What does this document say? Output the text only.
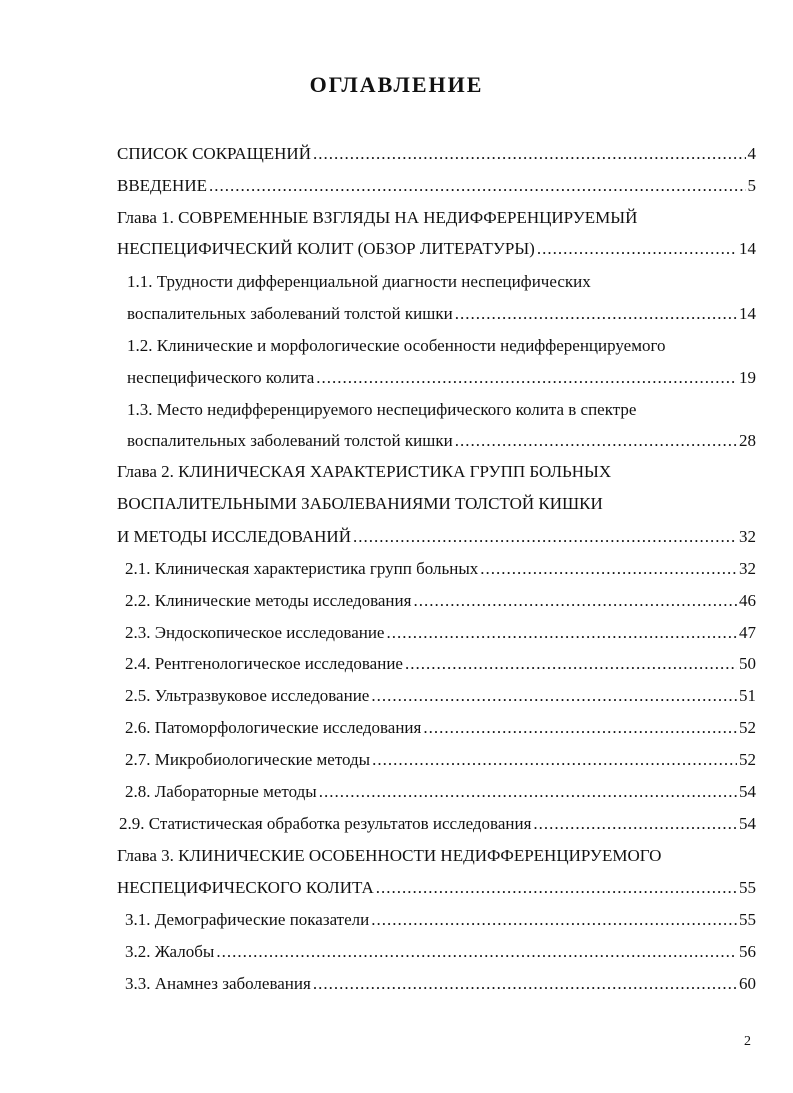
ОГЛАВЛЕНИЕ
СПИСОК СОКРАЩЕНИЙ .....	4
ВВЕДЕНИЕ .....	5
Глава 1. СОВРЕМЕННЫЕ ВЗГЛЯДЫ НА НЕДИФФЕРЕНЦИРУЕМЫЙ
НЕСПЕЦИФИЧЕСКИЙ КОЛИТ (ОБЗОР ЛИТЕРАТУРЫ) .....	14
1.1. Трудности дифференциальной диагности неспецифических
воспалительных заболеваний толстой кишки .....	14
1.2. Клинические и морфологические особенности недифференцируемого
неспецифического колита .....	19
1.3. Место недифференцируемого неспецифического колита в спектре
воспалительных заболеваний толстой кишки .....	28
Глава 2. КЛИНИЧЕСКАЯ ХАРАКТЕРИСТИКА ГРУПП БОЛЬНЫХ
ВОСПАЛИТЕЛЬНЫМИ ЗАБОЛЕВАНИЯМИ ТОЛСТОЙ КИШКИ
И МЕТОДЫ ИССЛЕДОВАНИЙ .....	32
2.1. Клиническая характеристика групп больных .....	32
2.2. Клинические методы исследования .....	46
2.3. Эндоскопическое исследование .....	47
2.4. Рентгенологическое исследование .....	50
2.5. Ультразвуковое исследование .....	51
2.6. Патоморфологические исследования .....	52
2.7. Микробиологические методы .....	52
2.8. Лабораторные методы .....	54
2.9. Статистическая обработка результатов исследования .....	54
Глава 3. КЛИНИЧЕСКИЕ ОСОБЕННОСТИ НЕДИФФЕРЕНЦИРУЕМОГО
НЕСПЕЦИФИЧЕСКОГО КОЛИТА .....	55
3.1. Демографические показатели .....	55
3.2. Жалобы .....	56
3.3. Анамнез заболевания .....	60
2
